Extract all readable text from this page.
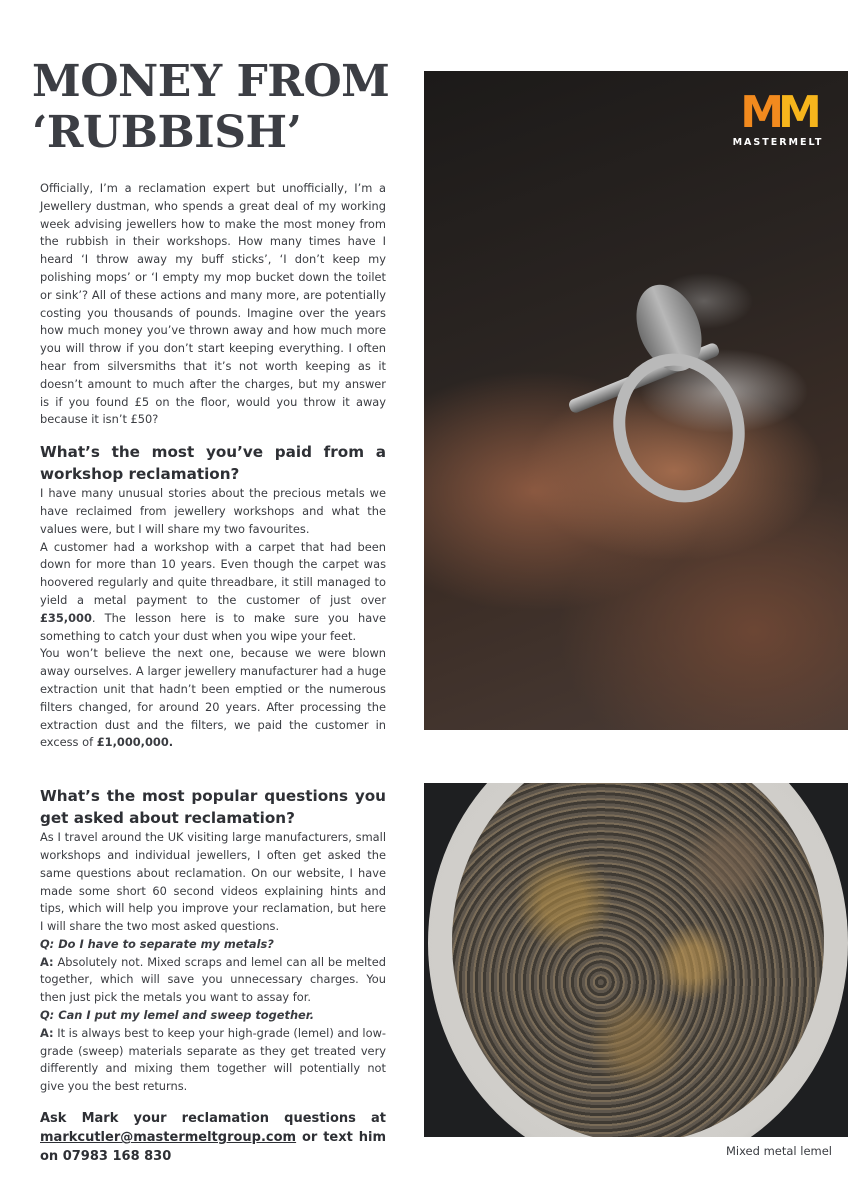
MONEY FROM
‘RUBBISH’

Officially, I’m a reclamation expert but unofficially, I’m a Jewellery dustman, who spends a great deal of my working week advising jewellers how to make the most money from the rubbish in their workshops. How many times have I heard ‘I throw away my buff sticks’, ‘I don’t keep my polishing mops’ or ‘I empty my mop bucket down the toilet or sink’? All of these actions and many more, are potentially costing you thousands of pounds. Imagine over the years how much money you’ve thrown away and how much more you will throw if you don’t start keeping everything. I often hear from silversmiths that it’s not worth keeping as it doesn’t amount to much after the charges, but my answer is if you found £5 on the floor, would you throw it away because it isn’t £50?

What’s the most you’ve paid from a workshop reclamation?

I have many unusual stories about the precious metals we have reclaimed from jewellery workshops and what the values were, but I will share my two favourites.

A customer had a workshop with a carpet that had been down for more than 10 years. Even though the carpet was hoovered regularly and quite threadbare, it still managed to yield a metal payment to the customer of just over £35,000. The lesson here is to make sure you have something to catch your dust when you wipe your feet.

You won’t believe the next one, because we were blown away ourselves. A larger jewellery manufacturer had a huge extraction unit that hadn’t been emptied or the numerous filters changed, for around 20 years. After processing the extraction dust and the filters, we paid the customer in excess of £1,000,000.

What’s the most popular questions you get asked about reclamation?

As I travel around the UK visiting large manufacturers, small workshops and individual jewellers, I often get asked the same questions about reclamation. On our website, I have made some short 60 second videos explaining hints and tips, which will help you improve your reclamation, but here I will share the two most asked questions.

Q: Do I have to separate my metals?

A: Absolutely not. Mixed scraps and lemel can all be melted together, which will save you unnecessary charges. You then just pick the metals you want to assay for.

Q: Can I put my lemel and sweep together.

A: It is always best to keep your high-grade (lemel) and low-grade (sweep) materials separate as they get treated very differently and mixing them together will potentially not give you the best returns.

Ask Mark your reclamation questions at markcutler@mastermeltgroup.com or text him on 07983 168 830

MM
MASTERMELT
Mixed metal lemel
